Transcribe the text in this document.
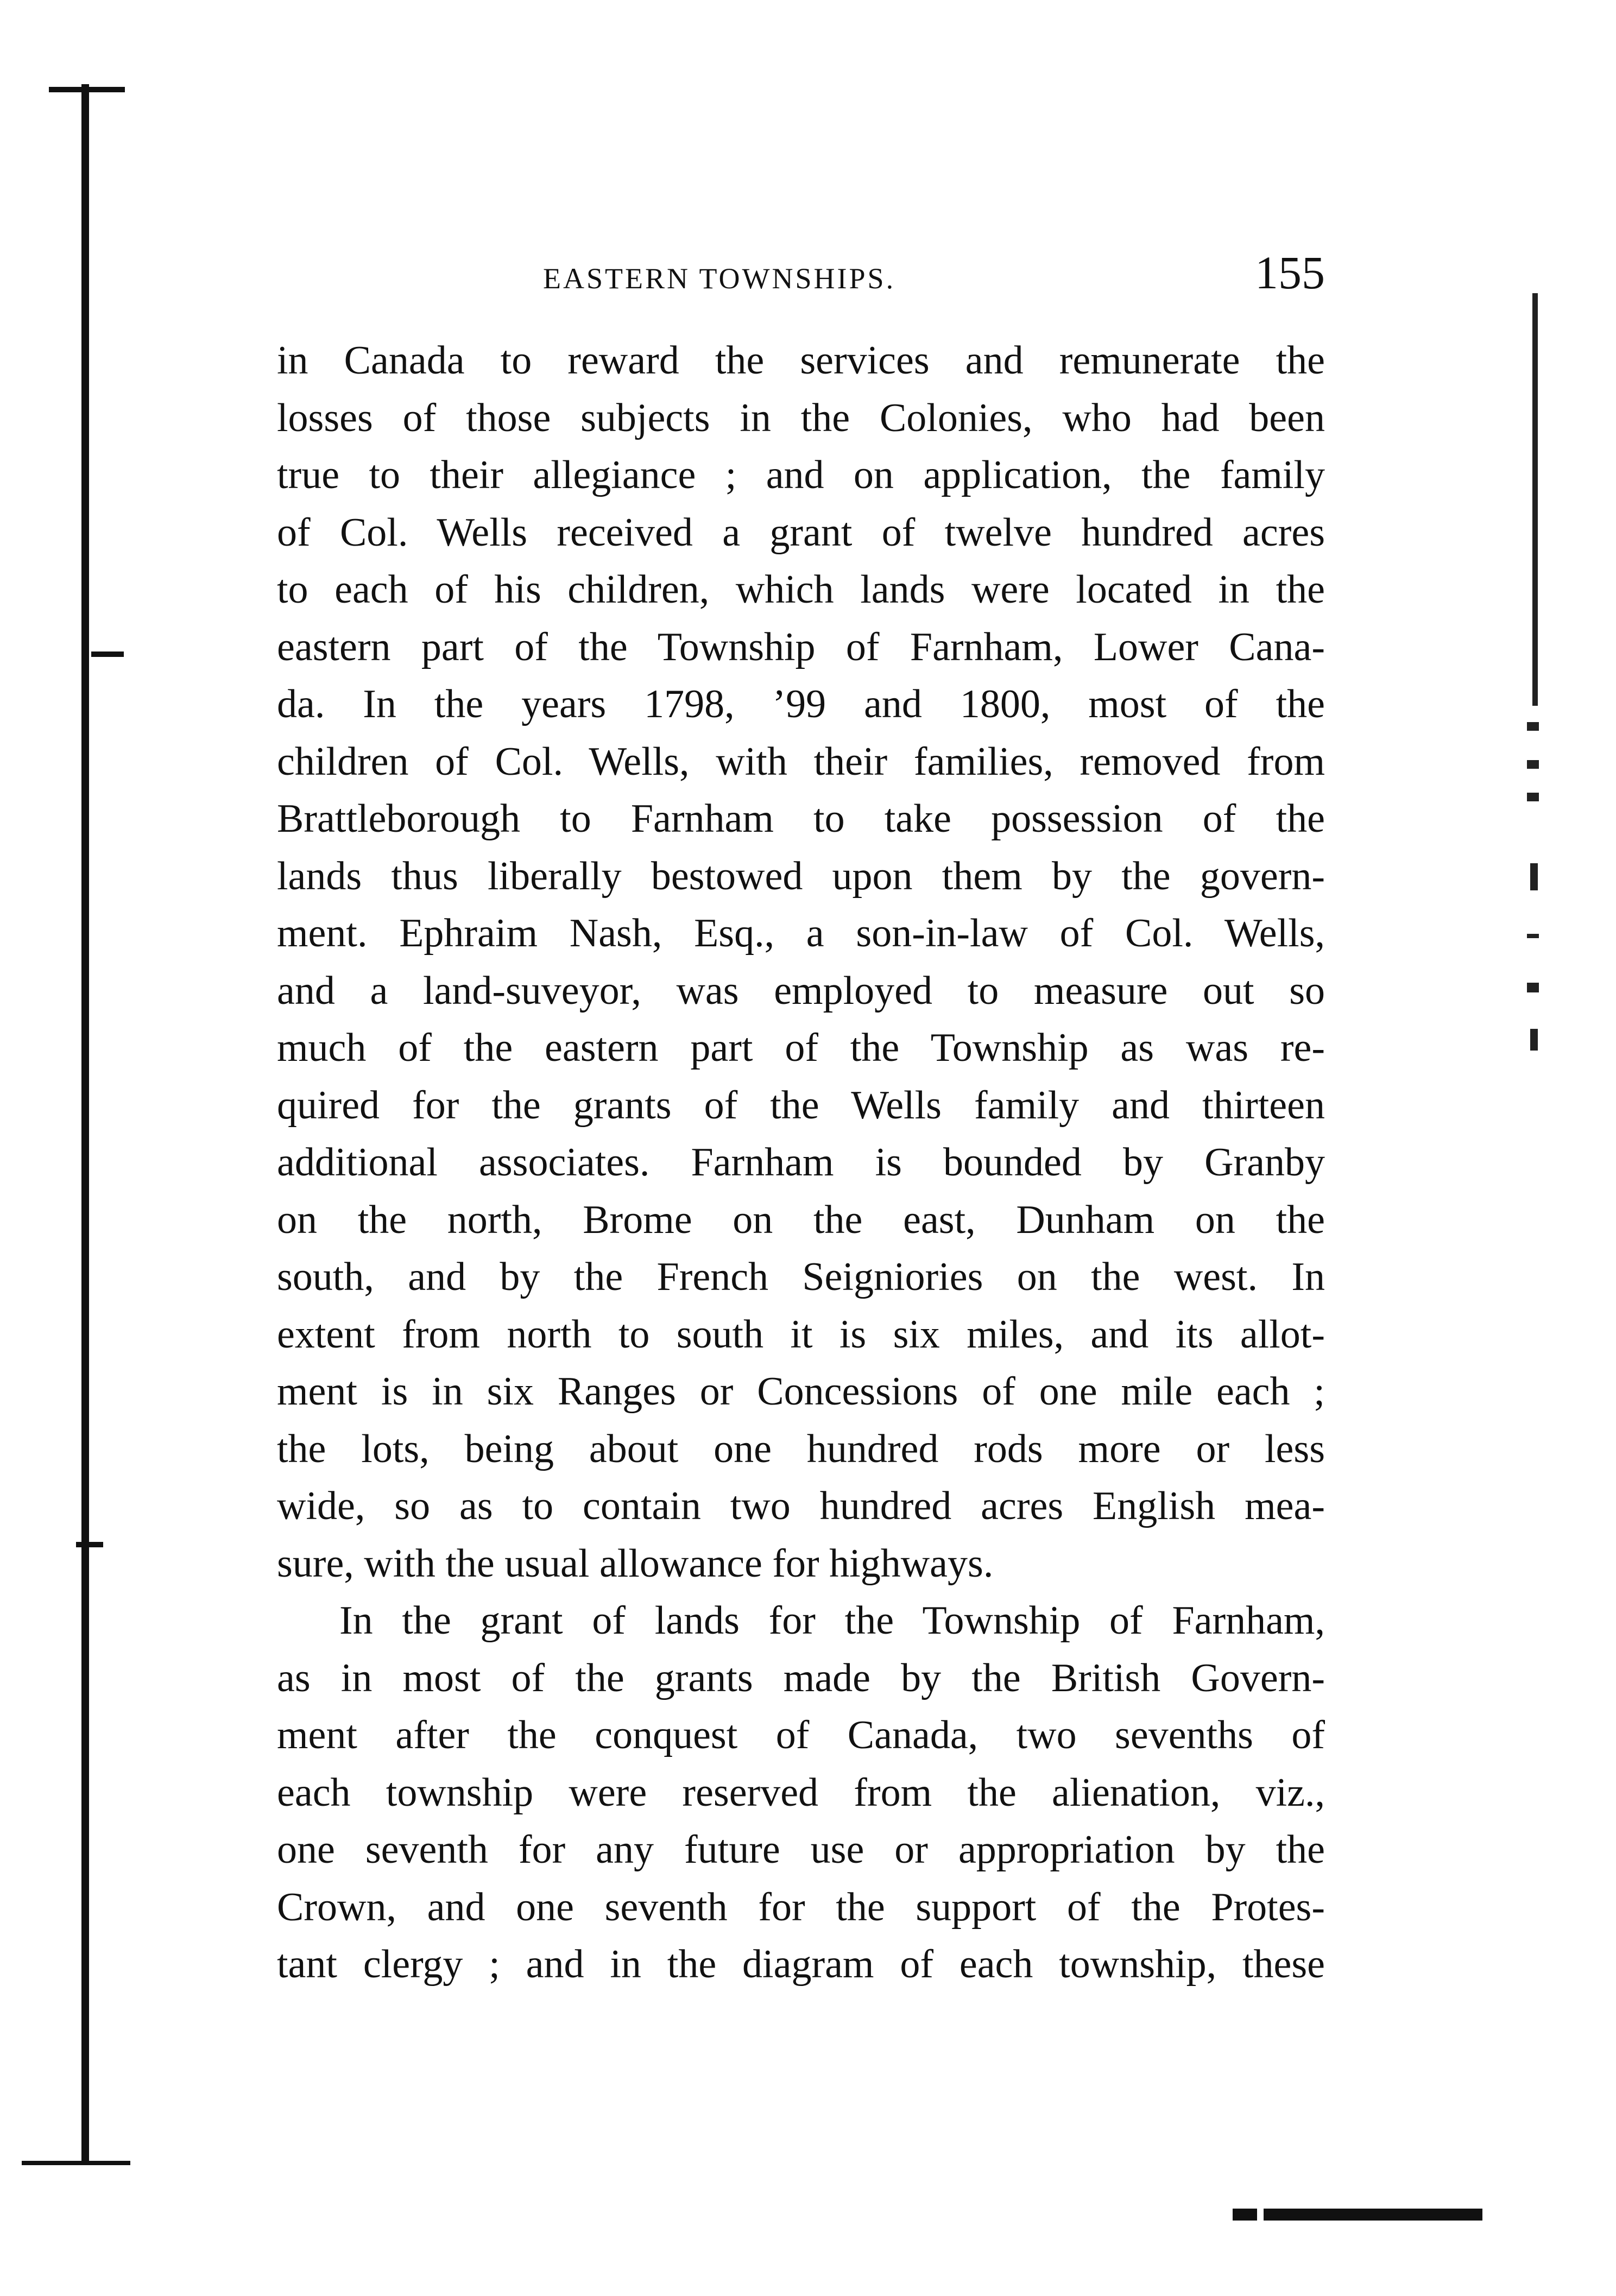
EASTERN TOWNSHIPS.	155
in Canada to reward the services and remunerate the
losses of those subjects in the Colonies, who had been
true to their allegiance ; and on application, the family
of Col. Wells received a grant of twelve hundred acres
to each of his children, which lands were located in the
eastern part of the Township of Farnham, Lower Cana-
da. In the years 1798, ’99 and 1800, most of the
children of Col. Wells, with their families, removed from
Brattleborough to Farnham to take possession of the
lands thus liberally bestowed upon them by the govern-
ment. Ephraim Nash, Esq., a son-in-law of Col. Wells,
and a land-suveyor, was employed to measure out so
much of the eastern part of the Township as was re-
quired for the grants of the Wells family and thirteen
additional associates. Farnham is bounded by Granby
on the north, Brome on the east, Dunham on the
south, and by the French Seigniories on the west. In
extent from north to south it is six miles, and its allot-
ment is in six Ranges or Concessions of one mile each ;
the lots, being about one hundred rods more or less
wide, so as to contain two hundred acres English mea-
sure, with the usual allowance for highways.
In the grant of lands for the Township of Farnham,
as in most of the grants made by the British Govern-
ment after the conquest of Canada, two sevenths of
each township were reserved from the alienation, viz.,
one seventh for any future use or appropriation by the
Crown, and one seventh for the support of the Protes-
tant clergy ; and in the diagram of each township, these
